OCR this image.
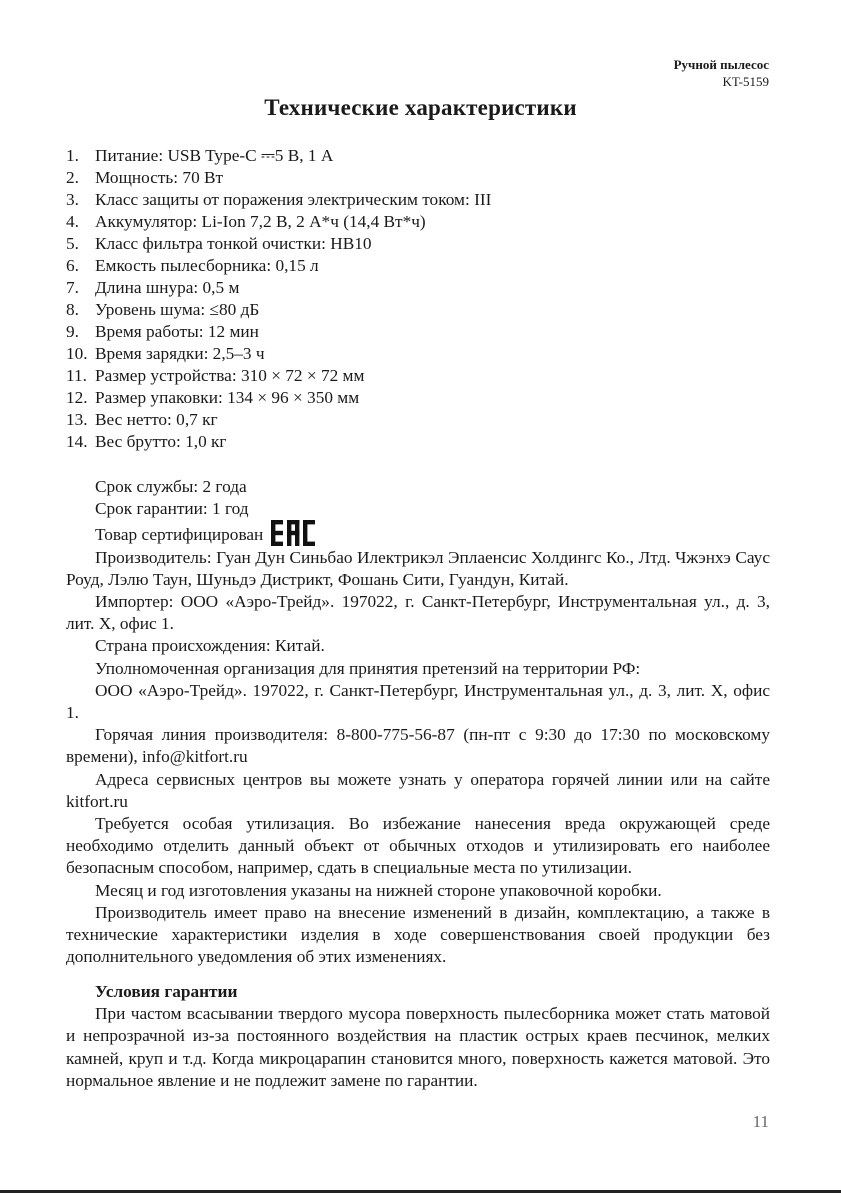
Ручной пылесос
KT-5159
Технические характеристики
1. Питание: USB Type-C ⎓5 В, 1 А
2. Мощность: 70 Вт
3. Класс защиты от поражения электрическим током: III
4. Аккумулятор: Li-Ion 7,2 В, 2 А*ч (14,4 Вт*ч)
5. Класс фильтра тонкой очистки: HB10
6. Емкость пылесборника: 0,15 л
7. Длина шнура: 0,5 м
8. Уровень шума: ≤80 дБ
9. Время работы: 12 мин
10. Время зарядки: 2,5–3 ч
11. Размер устройства: 310 × 72 × 72 мм
12. Размер упаковки: 134 × 96 × 350 мм
13. Вес нетто: 0,7 кг
14. Вес брутто: 1,0 кг

Срок службы: 2 года

Срок гарантии: 1 год

Товар сертифицирован

Производитель: Гуан Дун Синьбао Илектрикэл Эплаенсис Холдингс Ко., Лтд. Чжэнхэ Саус Роуд, Лэлю Таун, Шуньдэ Дистрикт, Фошань Сити, Гуандун, Китай.

Импортер: ООО «Аэро-Трейд». 197022, г. Санкт-Петербург, Инструментальная ул., д. 3, лит. Х, офис 1.

Страна происхождения: Китай.

Уполномоченная организация для принятия претензий на территории РФ:

ООО «Аэро-Трейд». 197022, г. Санкт-Петербург, Инструментальная ул., д. 3, лит. Х, офис 1.

Горячая линия производителя: 8-800-775-56-87 (пн-пт с 9:30 до 17:30 по московскому времени), info@kitfort.ru

Адреса сервисных центров вы можете узнать у оператора горячей линии или на сайте kitfort.ru

Требуется особая утилизация. Во избежание нанесения вреда окружающей среде необходимо отделить данный объект от обычных отходов и утилизировать его наиболее безопасным способом, например, сдать в специальные места по утилизации.

Месяц и год изготовления указаны на нижней стороне упаковочной коробки.

Производитель имеет право на внесение изменений в дизайн, комплектацию, а также в технические характеристики изделия в ходе совершенствования своей продукции без дополнительного уведомления об этих изменениях.

Условия гарантии

При частом всасывании твердого мусора поверхность пылесборника может стать матовой и непрозрачной из-за постоянного воздействия на пластик острых краев песчинок, мелких камней, круп и т.д. Когда микроцарапин становится много, поверхность кажется матовой. Это нормальное явление и не подлежит замене по гарантии.

11
